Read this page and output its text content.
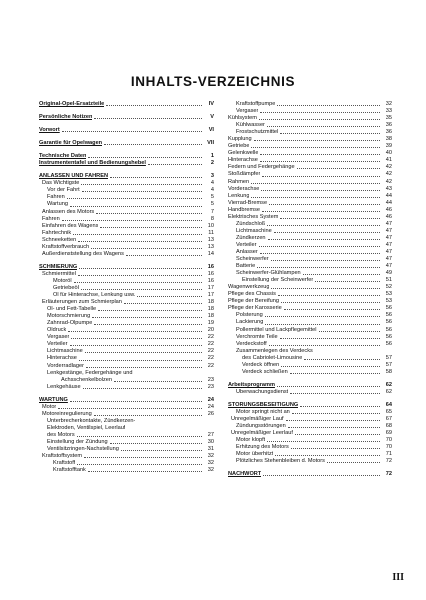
INHALTS-VERZEICHNIS
Original-Opel-Ersatzteile	IV
Persönliche Notizen	V
Vorwort	VI
Garantie für Opelwagen	VII
Technische Daten	1
Instrumententafel und Bedienungshebel	2
ANLASSEN UND FAHREN	3
Das Wichtigste	4
Vor der Fahrt	4
Fahren	5
Wartung	5
Anlassen des Motors	7
Fahren	8
Einfahren des Wagens	10
Fahrtechnik	11
Schneeketten	13
Kraftstoffverbrauch	13
Außerdienststellung des Wagens	14
SCHMIERUNG	16
Schmiermittel	16
Motoröl	16
Getriebeöl	17
Öl für Hinterachse, Lenkung usw.	17
Erläuterungen zum Schmierplan	18
Öl- und Fett-Tabelle	18
Motorschmierung	18
Zahnrad-Ölpumpe	19
Öldruck	20
Vergaser	22
Verteiler	22
Lichtmaschine	22
Hinterachse	22
Vorderradlager	22
Lenkgestänge, Federgehänge und
Achsschenkelbolzen	23
Lenkgehäuse	23
WARTUNG	24
Motor	24
Motoreinregulierung	26
Unterbrecherkontakte, Zündkerzen-
Elektroden, Ventilspiel, Leerlauf
des Motors	27
Einstellung der Zündung	30
Ventilsitzringen-Nachstellung	31
Kraftstoffsystem	32
Kraftstoff	32
Kraftstofftank	32
Kraftstoffpumpe	32
Vergaser	33
Kühlsystem	35
Kühlwasser	36
Frostschutzmittel	36
Kupplung	38
Getriebe	39
Gelenkwelle	40
Hinterachse	41
Federn und Federgehänge	42
Stoßdämpfer	42
Rahmen	42
Vorderachse	43
Lenkung	44
Vierrad-Bremse	44
Handbremse	46
Elektrisches System	46
Zündschloß	47
Lichtmaschine	47
Zündkerzen	47
Verteiler	47
Anlasser	47
Scheinwerfer	47
Batterie	47
Scheinwerfer-Glühlampen	49
Einstellung der Scheinwerfer	51
Wagenwerkzeug	52
Pflege des Chassis	53
Pflege der Bereifung	53
Pflege der Karosserie	56
Polsterung	56
Lackierung	56
Pollermittel und Lackpflegemittel	56
Verchromte Teile	56
Verdeckstoff	56
Zusammenlegen des Verdecks
des Cabriolet-Limousine	57
Verdeck öffnen	57
Verdeck schließen	58
Arbeitsprogramm	62
Überwachungsdienst	62
STÖRUNGSBESEITIGUNG	64
Motor springt nicht an	65
Unregelmäßiger Lauf	67
Zündungsstörungen	68
Unregelmäßiger Leerlauf	69
Motor klopft	70
Erhitzung des Motors	70
Motor überhitzt	71
Plötzliches Stehenbleiben d. Motors	72
NACHWORT	72
III
